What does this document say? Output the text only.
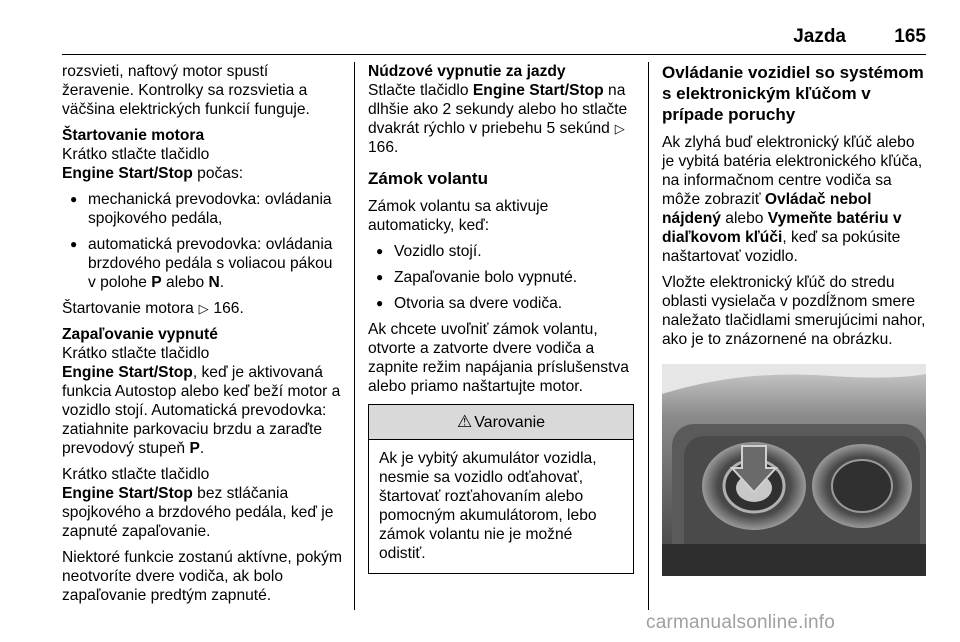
Jazda	165

rozsvieti, naftový motor spustí žeravenie. Kontrolky sa rozsvietia a väčšina elektrických funkcií funguje.

Štartovanie motora
Krátko stlačte tlačidlo
Engine Start/Stop počas:
● mechanická prevodovka: ovládania spojkového pedála,
● automatická prevodovka: ovládania brzdového pedála s voliacou pákou v polohe P alebo N.

Štartovanie motora ▷ 166.

Zapaľovanie vypnuté
Krátko stlačte tlačidlo

Engine Start/Stop, keď je aktivovaná funkcia Autostop alebo keď beží motor a vozidlo stojí. Automatická prevodovka: zatiahnite parkovaciu brzdu a zaraďte prevodový stupeň P.

Krátko stlačte tlačidlo

Engine Start/Stop bez stláčania spojkového a brzdového pedála, keď je zapnuté zapaľovanie.

Niektoré funkcie zostanú aktívne, pokým neotvoríte dvere vodiča, ak bolo zapaľovanie predtým zapnuté.

Núdzové vypnutie za jazdy

Stlačte tlačidlo Engine Start/Stop na dlhšie ako 2 sekundy alebo ho stlačte dvakrát rýchlo v priebehu 5 sekúnd ▷ 166.

Zámok volantu

Zámok volantu sa aktivuje automaticky, keď:

● Vozidlo stojí.
● Zapaľovanie bolo vypnuté.
● Otvoria sa dvere vodiča.

Ak chcete uvoľniť zámok volantu, otvorte a zatvorte dvere vodiča a zapnite režim napájania príslušenstva alebo priamo naštartujte motor.

⚠ Varovanie
Ak je vybitý akumulátor vozidla, nesmie sa vozidlo odťahovať, štartovať rozťahovaním alebo pomocným akumulátorom, lebo zámok volantu nie je možné odistiť.
Ovládanie vozidiel so systémom s elektronickým kľúčom v prípade poruchy

Ak zlyhá buď elektronický kľúč alebo je vybitá batéria elektronického kľúča, na informačnom centre vodiča sa môže zobraziť Ovládač nebol nájdený alebo Vymeňte batériu v diaľkovom kľúči, keď sa pokúsite naštartovať vozidlo.

Vložte elektronický kľúč do stredu oblasti vysielača v pozdĺžnom smere naležato tlačidlami smerujúcimi nahor, ako je to znázornené na obrázku.

carmanualsonline.info
